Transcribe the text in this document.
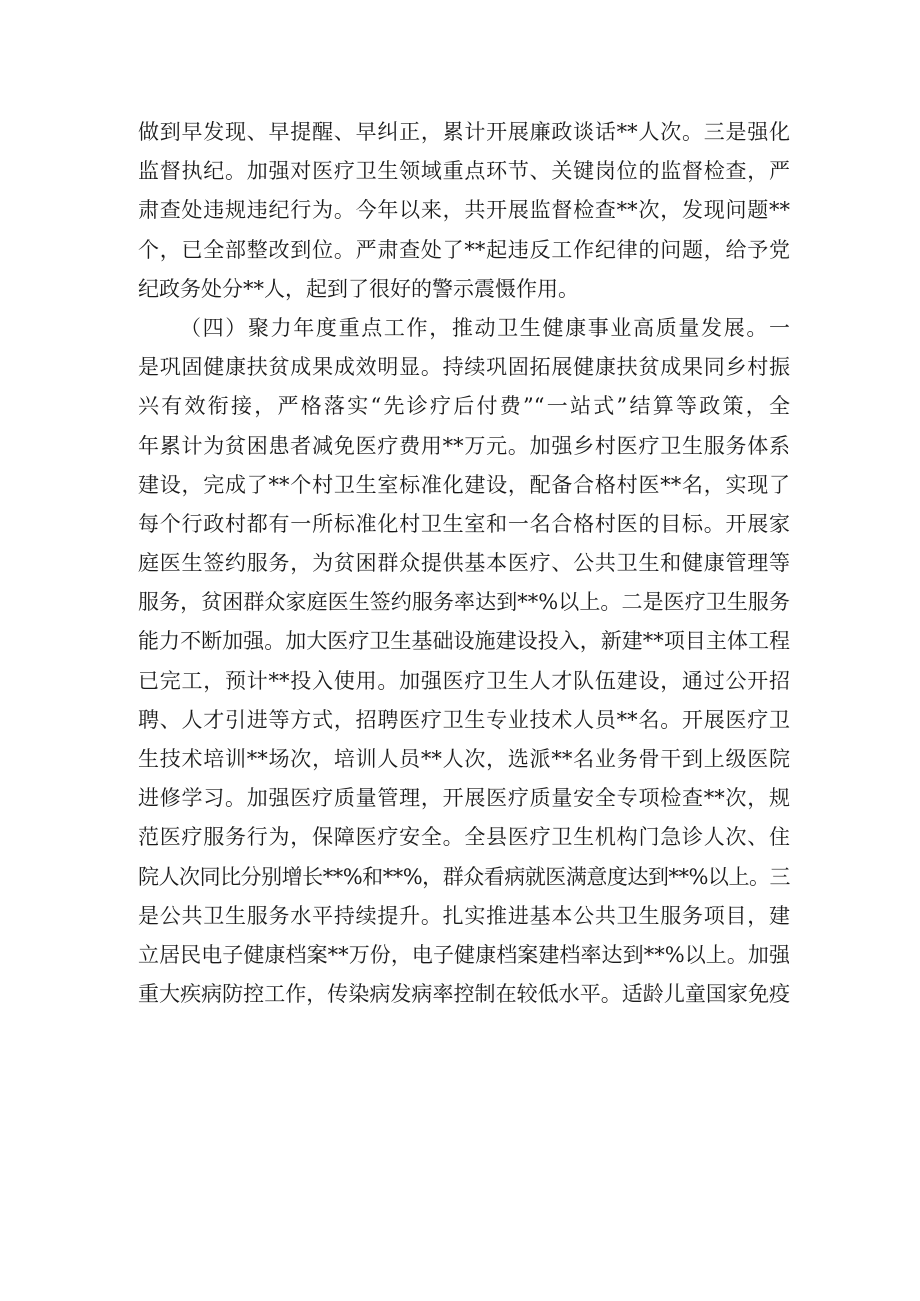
做到早发现、早提醒、早纠正，累计开展廉政谈话**人次。三是强化
监督执纪。加强对医疗卫生领域重点环节、关键岗位的监督检查，严
肃查处违规违纪行为。今年以来，共开展监督检查**次，发现问题**
个，已全部整改到位。严肃查处了**起违反工作纪律的问题，给予党
纪政务处分**人，起到了很好的警示震慑作用。
（四）聚力年度重点工作，推动卫生健康事业高质量发展。一
是巩固健康扶贫成果成效明显。持续巩固拓展健康扶贫成果同乡村振
兴有效衔接，严格落实“先诊疗后付费”“一站式”结算等政策，全
年累计为贫困患者减免医疗费用**万元。加强乡村医疗卫生服务体系
建设，完成了**个村卫生室标准化建设，配备合格村医**名，实现了
每个行政村都有一所标准化村卫生室和一名合格村医的目标。开展家
庭医生签约服务，为贫困群众提供基本医疗、公共卫生和健康管理等
服务，贫困群众家庭医生签约服务率达到**%以上。二是医疗卫生服务
能力不断加强。加大医疗卫生基础设施建设投入，新建**项目主体工程
已完工，预计**投入使用。加强医疗卫生人才队伍建设，通过公开招
聘、人才引进等方式，招聘医疗卫生专业技术人员**名。开展医疗卫
生技术培训**场次，培训人员**人次，选派**名业务骨干到上级医院
进修学习。加强医疗质量管理，开展医疗质量安全专项检查**次，规
范医疗服务行为，保障医疗安全。全县医疗卫生机构门急诊人次、住
院人次同比分别增长**%和**%，群众看病就医满意度达到**%以上。三
是公共卫生服务水平持续提升。扎实推进基本公共卫生服务项目，建
立居民电子健康档案**万份，电子健康档案建档率达到**%以上。加强
重大疾病防控工作，传染病发病率控制在较低水平。适龄儿童国家免疫
